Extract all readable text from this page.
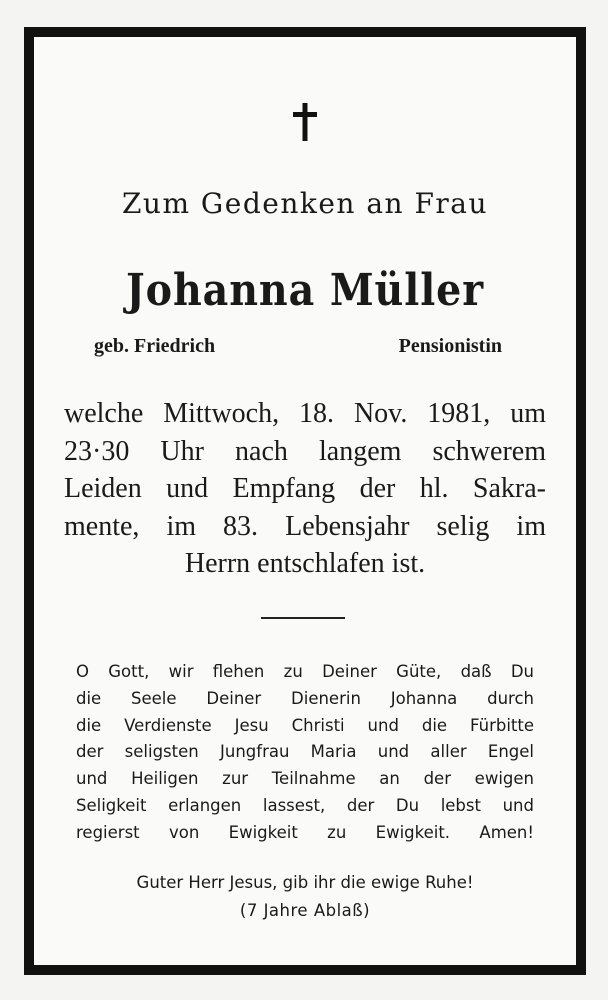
Zum Gedenken an Frau
Johanna Müller
geb. Friedrich	Pensionistin
welche Mittwoch, 18. Nov. 1981, um
23·30 Uhr nach langem schwerem
Leiden und Empfang der hl. Sakra-
mente, im 83. Lebensjahr selig im
Herrn entschlafen ist.
O Gott, wir flehen zu Deiner Güte, daß Du
die Seele Deiner Dienerin Johanna durch
die Verdienste Jesu Christi und die Fürbitte
der seligsten Jungfrau Maria und aller Engel
und Heiligen zur Teilnahme an der ewigen
Seligkeit erlangen lassest, der Du lebst und
regierst von Ewigkeit zu Ewigkeit. Amen!
Guter Herr Jesus, gib ihr die ewige Ruhe!
(7 Jahre Ablaß)
